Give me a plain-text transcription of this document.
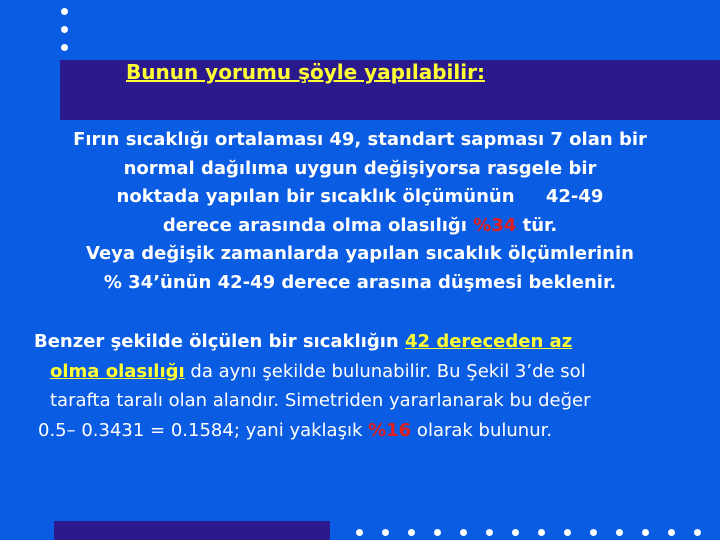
Bunun yorumu şöyle yapılabilir:
Fırın sıcaklığı ortalaması 49, standart sapması 7 olan bir
normal dağılıma uygun değişiyorsa rasgele bir
noktada yapılan bir sıcaklık ölçümünün     42-49
derece arasında olma olasılığı %34 tür.
Veya değişik zamanlarda yapılan sıcaklık ölçümlerinin
% 34’ünün 42-49 derece arasına düşmesi beklenir.
Benzer şekilde ölçülen bir sıcaklığın 42 dereceden az
olma olasılığı da aynı şekilde bulunabilir. Bu Şekil 3’de sol
tarafta taralı olan alandır. Simetriden yararlanarak bu değer
0.5– 0.3431 = 0.1584; yani yaklaşık %16 olarak bulunur.
